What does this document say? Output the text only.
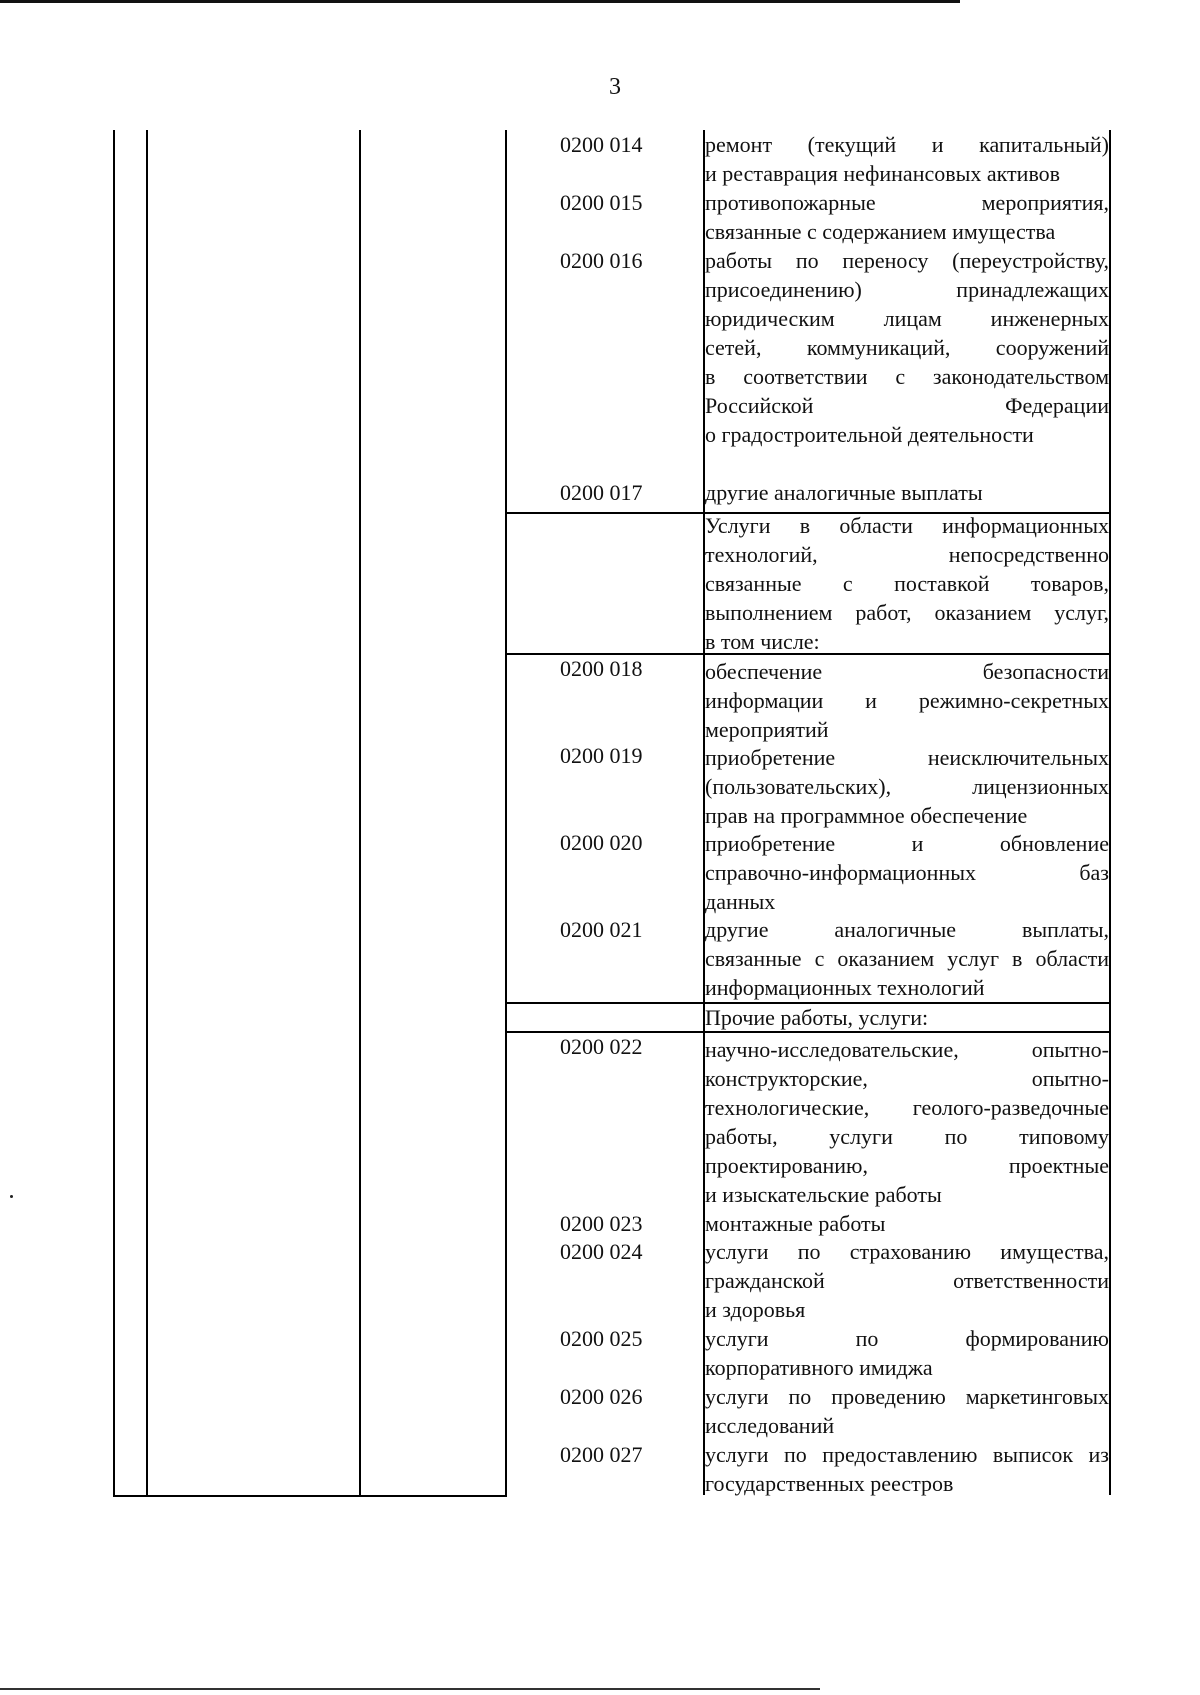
3
0200 014	ремонт (текущий и капитальный)
и реставрация нефинансовых активов
0200 015	противопожарные мероприятия,
связанные с содержанием имущества
0200 016	работы по переносу (переустройству,
присоединению) принадлежащих
юридическим лицам инженерных
сетей, коммуникаций, сооружений
в соответствии с законодательством
Российской Федерации
о градостроительной деятельности
0200 017	другие аналогичные выплаты
Услуги в области информационных
технологий, непосредственно
связанные с поставкой товаров,
выполнением работ, оказанием услуг,
в том числе:
0200 018	обеспечение безопасности
информации и режимно-секретных
мероприятий
0200 019	приобретение неисключительных
(пользовательских), лицензионных
прав на программное обеспечение
0200 020	приобретение и обновление
справочно-информационных баз
данных
0200 021	другие аналогичные выплаты,
связанные с оказанием услуг в области
информационных технологий
Прочие работы, услуги:
0200 022	научно-исследовательские, опытно-
конструкторские, опытно-
технологические, геолого-разведочные
работы, услуги по типовому
проектированию, проектные
и изыскательские работы
0200 023	монтажные работы
0200 024	услуги по страхованию имущества,
гражданской ответственности
и здоровья
0200 025	услуги по формированию
корпоративного имиджа
0200 026	услуги по проведению маркетинговых
исследований
0200 027	услуги по предоставлению выписок из
государственных реестров
